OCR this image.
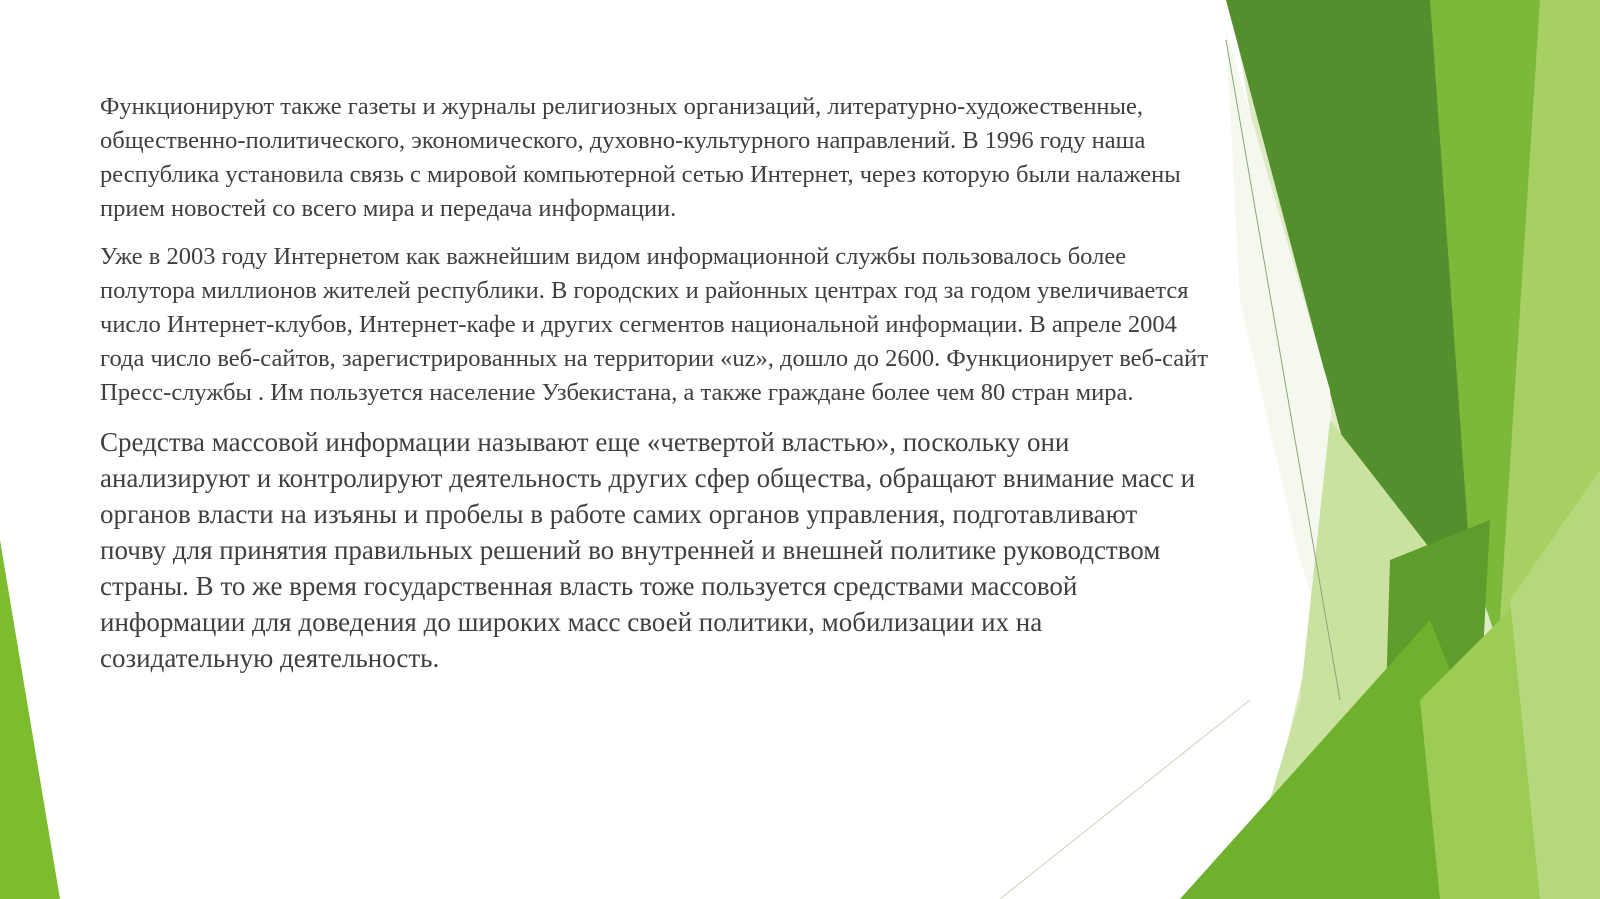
Функционируют также газеты и журналы религиозных организаций, литературно-художественные, общественно-политического, экономического, духовно-культурного направлений. В 1996 году наша республика установила связь с мировой компьютерной сетью Интернет, через которую были налажены прием новостей со всего мира и передача информации.

Уже в 2003 году Интернетом как важнейшим видом информационной службы пользовалось более полутора миллионов жителей республики. В городских и районных центрах год за годом увеличивается число Интернет-клубов, Интернет-кафе и других сегментов национальной информации. В апреле 2004 года число веб-сайтов, зарегистрированных на территории «uz», дошло до 2600. Функционирует веб-сайт Пресс-службы . Им пользуется население Узбекистана, а также граждане более чем 80 стран мира.

Средства массовой информации называют еще «четвертой властью», поскольку они анализируют и контролируют деятельность других сфер общества, обращают внимание масс и органов власти на изъяны и пробелы в работе самих органов управления, подготавливают почву для принятия правильных решений во внутренней и внешней политике руководством страны. В то же время государственная власть тоже пользуется средствами массовой информации для доведения до широких масс своей политики, мобилизации их на созидательную деятельность.
